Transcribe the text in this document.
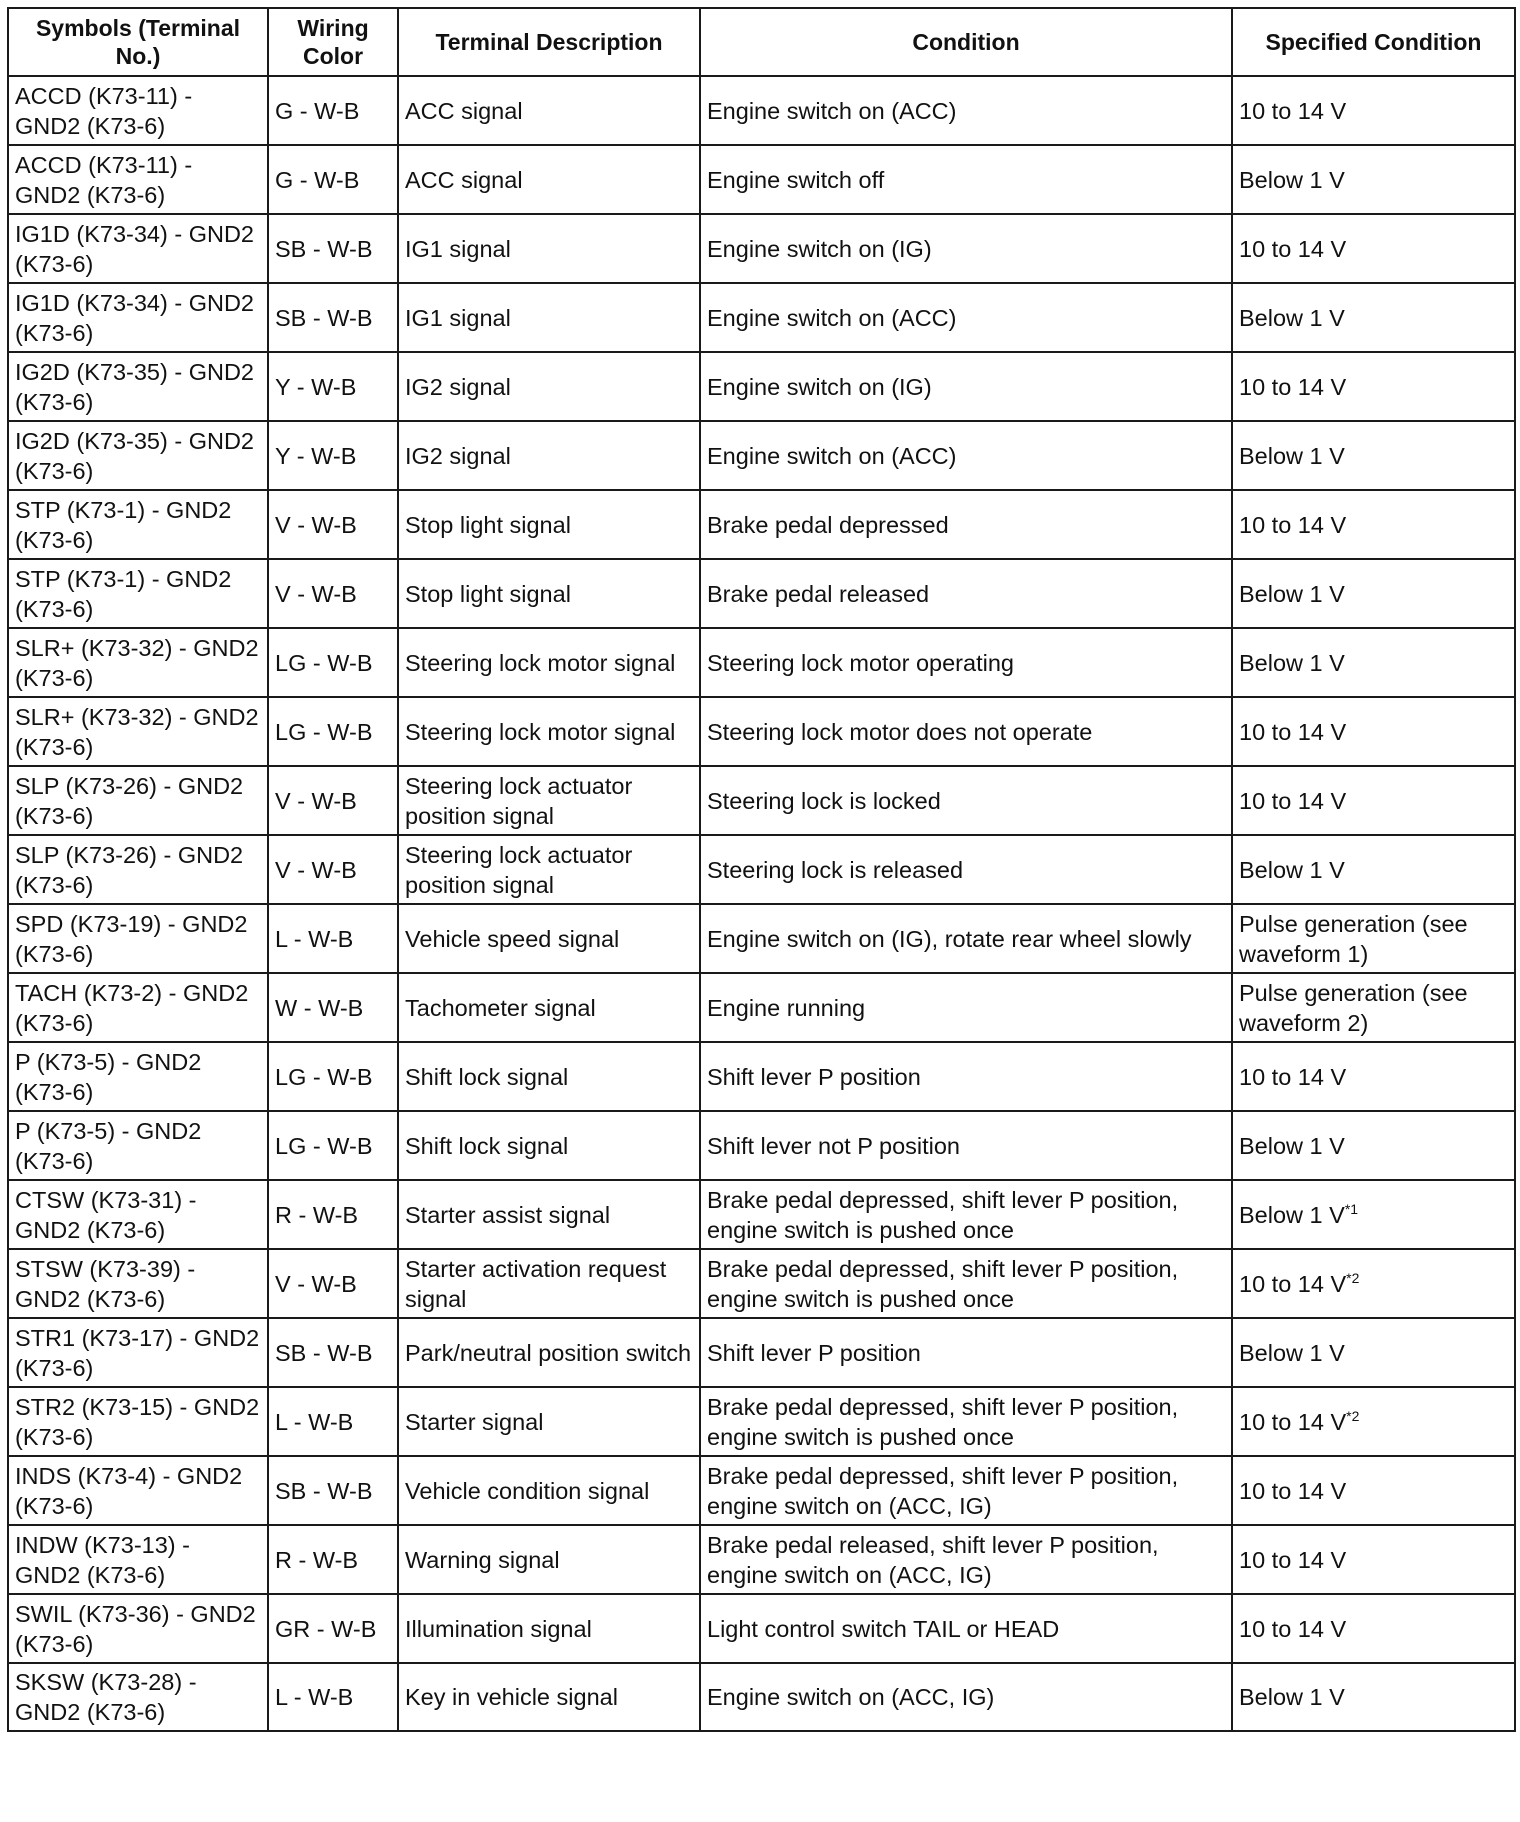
Symbols (Terminal No.)	Wiring Color	Terminal Description	Condition	Specified Condition
ACCD (K73-11) - GND2 (K73-6)	G - W-B	ACC signal	Engine switch on (ACC)	10 to 14 V
ACCD (K73-11) - GND2 (K73-6)	G - W-B	ACC signal	Engine switch off	Below 1 V
IG1D (K73-34) - GND2 (K73-6)	SB - W-B	IG1 signal	Engine switch on (IG)	10 to 14 V
IG1D (K73-34) - GND2 (K73-6)	SB - W-B	IG1 signal	Engine switch on (ACC)	Below 1 V
IG2D (K73-35) - GND2 (K73-6)	Y - W-B	IG2 signal	Engine switch on (IG)	10 to 14 V
IG2D (K73-35) - GND2 (K73-6)	Y - W-B	IG2 signal	Engine switch on (ACC)	Below 1 V
STP (K73-1) - GND2 (K73-6)	V - W-B	Stop light signal	Brake pedal depressed	10 to 14 V
STP (K73-1) - GND2 (K73-6)	V - W-B	Stop light signal	Brake pedal released	Below 1 V
SLR+ (K73-32) - GND2 (K73-6)	LG - W-B	Steering lock motor signal	Steering lock motor operating	Below 1 V
SLR+ (K73-32) - GND2 (K73-6)	LG - W-B	Steering lock motor signal	Steering lock motor does not operate	10 to 14 V
SLP (K73-26) - GND2 (K73-6)	V - W-B	Steering lock actuator position signal	Steering lock is locked	10 to 14 V
SLP (K73-26) - GND2 (K73-6)	V - W-B	Steering lock actuator position signal	Steering lock is released	Below 1 V
SPD (K73-19) - GND2 (K73-6)	L - W-B	Vehicle speed signal	Engine switch on (IG), rotate rear wheel slowly	Pulse generation (see waveform 1)
TACH (K73-2) - GND2 (K73-6)	W - W-B	Tachometer signal	Engine running	Pulse generation (see waveform 2)
P (K73-5) - GND2 (K73-6)	LG - W-B	Shift lock signal	Shift lever P position	10 to 14 V
P (K73-5) - GND2 (K73-6)	LG - W-B	Shift lock signal	Shift lever not P position	Below 1 V
CTSW (K73-31) - GND2 (K73-6)	R - W-B	Starter assist signal	Brake pedal depressed, shift lever P position, engine switch is pushed once	Below 1 V$^{*1}$
STSW (K73-39) - GND2 (K73-6)	V - W-B	Starter activation request signal	Brake pedal depressed, shift lever P position, engine switch is pushed once	10 to 14 V$^{*2}$
STR1 (K73-17) - GND2 (K73-6)	SB - W-B	Park/neutral position switch	Shift lever P position	Below 1 V
STR2 (K73-15) - GND2 (K73-6)	L - W-B	Starter signal	Brake pedal depressed, shift lever P position, engine switch is pushed once	10 to 14 V$^{*2}$
INDS (K73-4) - GND2 (K73-6)	SB - W-B	Vehicle condition signal	Brake pedal depressed, shift lever P position, engine switch on (ACC, IG)	10 to 14 V
INDW (K73-13) - GND2 (K73-6)	R - W-B	Warning signal	Brake pedal released, shift lever P position, engine switch on (ACC, IG)	10 to 14 V
SWIL (K73-36) - GND2 (K73-6)	GR - W-B	Illumination signal	Light control switch TAIL or HEAD	10 to 14 V
SKSW (K73-28) - GND2 (K73-6)	L - W-B	Key in vehicle signal	Engine switch on (ACC, IG)	Below 1 V
